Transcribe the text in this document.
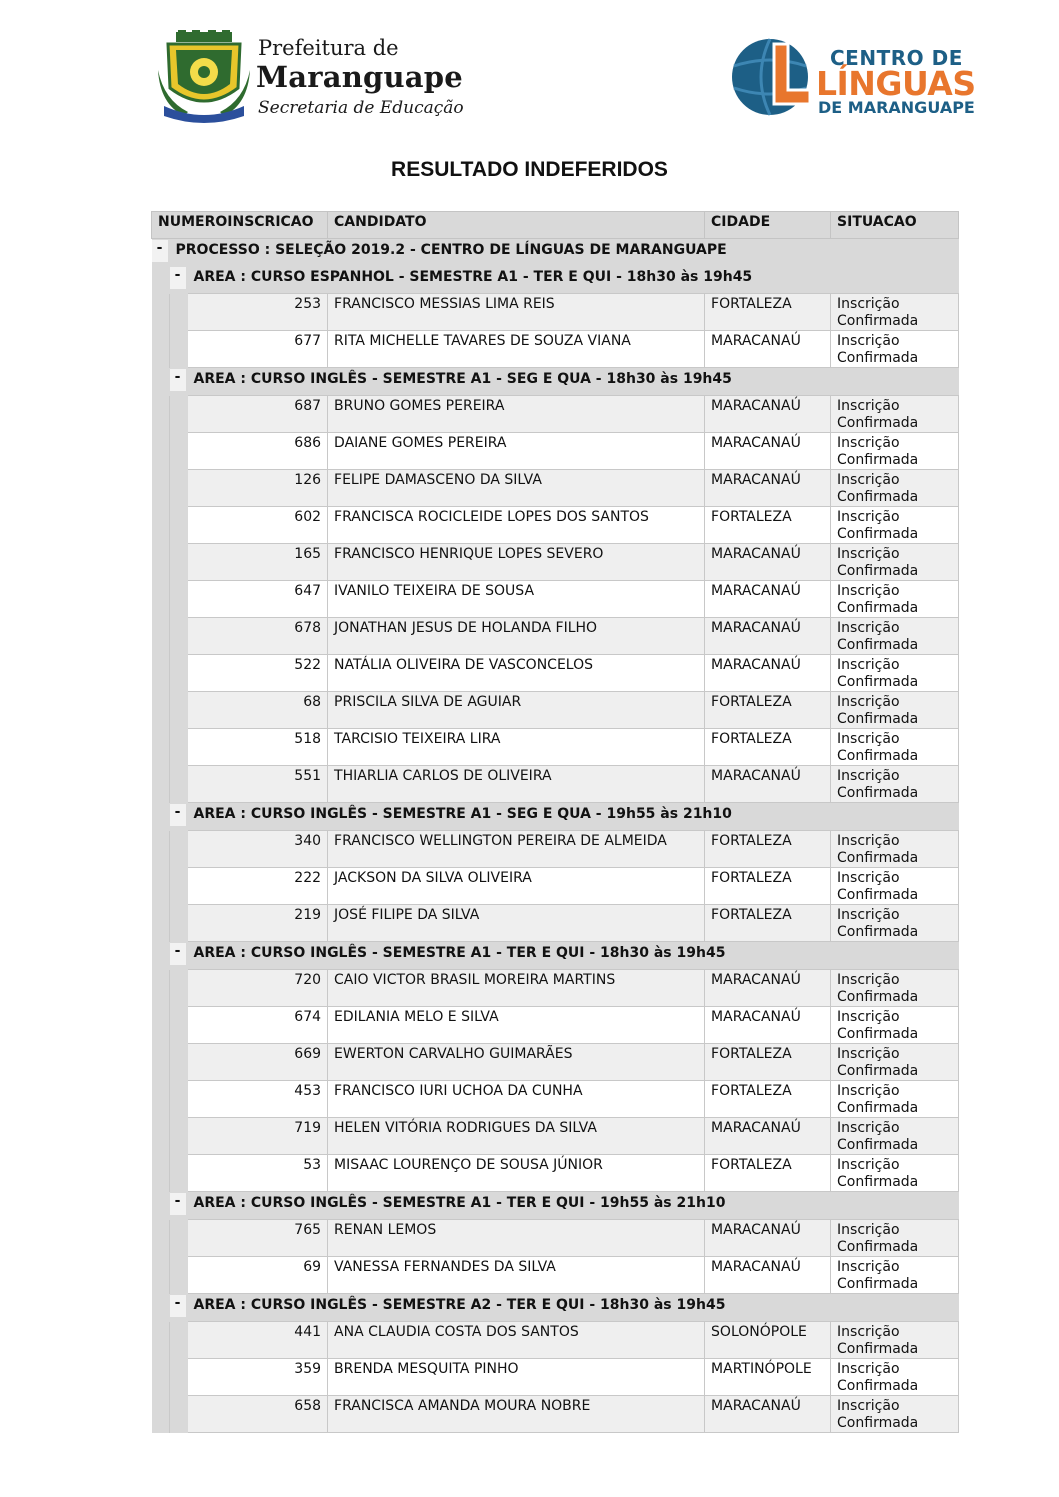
Prefeitura de
Maranguape
Secretaria de Educação
CENTRO DE
LÍNGUAS
DE MARANGUAPE
RESULTADO INDEFERIDOS
NUMEROINSCRICAO			CANDIDATO	CIDADE	SITUACAO
-	PROCESSO : SELEÇÃO 2019.2 - CENTRO DE LÍNGUAS DE MARANGUAPE				
	-	AREA : CURSO ESPANHOL - SEMESTRE A1 - TER E QUI - 18h30 às 19h45			
		253	FRANCISCO MESSIAS LIMA REIS	FORTALEZA	Inscrição Confirmada
		677	RITA MICHELLE TAVARES DE SOUZA VIANA	MARACANAÚ	Inscrição Confirmada
	-	AREA : CURSO INGLÊS - SEMESTRE A1 - SEG E QUA - 18h30 às 19h45			
		687	BRUNO GOMES PEREIRA	MARACANAÚ	Inscrição Confirmada
		686	DAIANE GOMES PEREIRA	MARACANAÚ	Inscrição Confirmada
		126	FELIPE DAMASCENO DA SILVA	MARACANAÚ	Inscrição Confirmada
		602	FRANCISCA ROCICLEIDE LOPES DOS SANTOS	FORTALEZA	Inscrição Confirmada
		165	FRANCISCO HENRIQUE LOPES SEVERO	MARACANAÚ	Inscrição Confirmada
		647	IVANILO TEIXEIRA DE SOUSA	MARACANAÚ	Inscrição Confirmada
		678	JONATHAN JESUS DE HOLANDA FILHO	MARACANAÚ	Inscrição Confirmada
		522	NATÁLIA OLIVEIRA DE VASCONCELOS	MARACANAÚ	Inscrição Confirmada
		68	PRISCILA SILVA DE AGUIAR	FORTALEZA	Inscrição Confirmada
		518	TARCISIO TEIXEIRA LIRA	FORTALEZA	Inscrição Confirmada
		551	THIARLIA CARLOS DE OLIVEIRA	MARACANAÚ	Inscrição Confirmada
	-	AREA : CURSO INGLÊS - SEMESTRE A1 - SEG E QUA - 19h55 às 21h10			
		340	FRANCISCO WELLINGTON PEREIRA DE ALMEIDA	FORTALEZA	Inscrição Confirmada
		222	JACKSON DA SILVA OLIVEIRA	FORTALEZA	Inscrição Confirmada
		219	JOSÉ FILIPE DA SILVA	FORTALEZA	Inscrição Confirmada
	-	AREA : CURSO INGLÊS - SEMESTRE A1 - TER E QUI - 18h30 às 19h45			
		720	CAIO VICTOR BRASIL MOREIRA MARTINS	MARACANAÚ	Inscrição Confirmada
		674	EDILANIA MELO E SILVA	MARACANAÚ	Inscrição Confirmada
		669	EWERTON CARVALHO GUIMARÃES	FORTALEZA	Inscrição Confirmada
		453	FRANCISCO IURI UCHOA DA CUNHA	FORTALEZA	Inscrição Confirmada
		719	HELEN VITÓRIA RODRIGUES DA SILVA	MARACANAÚ	Inscrição Confirmada
		53	MISAAC LOURENÇO DE SOUSA JÚNIOR	FORTALEZA	Inscrição Confirmada
	-	AREA : CURSO INGLÊS - SEMESTRE A1 - TER E QUI - 19h55 às 21h10			
		765	RENAN LEMOS	MARACANAÚ	Inscrição Confirmada
		69	VANESSA FERNANDES DA SILVA	MARACANAÚ	Inscrição Confirmada
	-	AREA : CURSO INGLÊS - SEMESTRE A2 - TER E QUI - 18h30 às 19h45			
		441	ANA CLAUDIA COSTA DOS SANTOS	SOLONÓPOLE	Inscrição Confirmada
		359	BRENDA MESQUITA PINHO	MARTINÓPOLE	Inscrição Confirmada
		658	FRANCISCA AMANDA MOURA NOBRE	MARACANAÚ	Inscrição Confirmada
